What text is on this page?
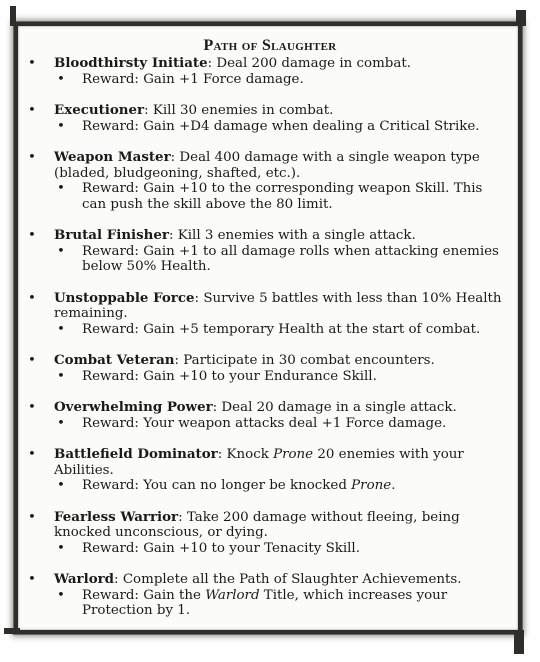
Path of Slaughter
• Bloodthirsty Initiate: Deal 200 damage in combat.
• Reward: Gain +1 Force damage.
• Executioner: Kill 30 enemies in combat.
• Reward: Gain +D4 damage when dealing a Critical Strike.
• Weapon Master: Deal 400 damage with a single weapon type (bladed, bludgeoning, shafted, etc.).
• Reward: Gain +10 to the corresponding weapon Skill. This can push the skill above the 80 limit.
• Brutal Finisher: Kill 3 enemies with a single attack.
• Reward: Gain +1 to all damage rolls when attacking enemies below 50% Health.
• Unstoppable Force: Survive 5 battles with less than 10% Health remaining.
• Reward: Gain +5 temporary Health at the start of combat.
• Combat Veteran: Participate in 30 combat encounters.
• Reward: Gain +10 to your Endurance Skill.
• Overwhelming Power: Deal 20 damage in a single attack.
• Reward: Your weapon attacks deal +1 Force damage.
• Battlefield Dominator: Knock Prone 20 enemies with your Abilities.
• Reward: You can no longer be knocked Prone.
• Fearless Warrior: Take 200 damage without fleeing, being knocked unconscious, or dying.
• Reward: Gain +10 to your Tenacity Skill.
• Warlord: Complete all the Path of Slaughter Achievements.
• Reward: Gain the Warlord Title, which increases your Protection by 1.
